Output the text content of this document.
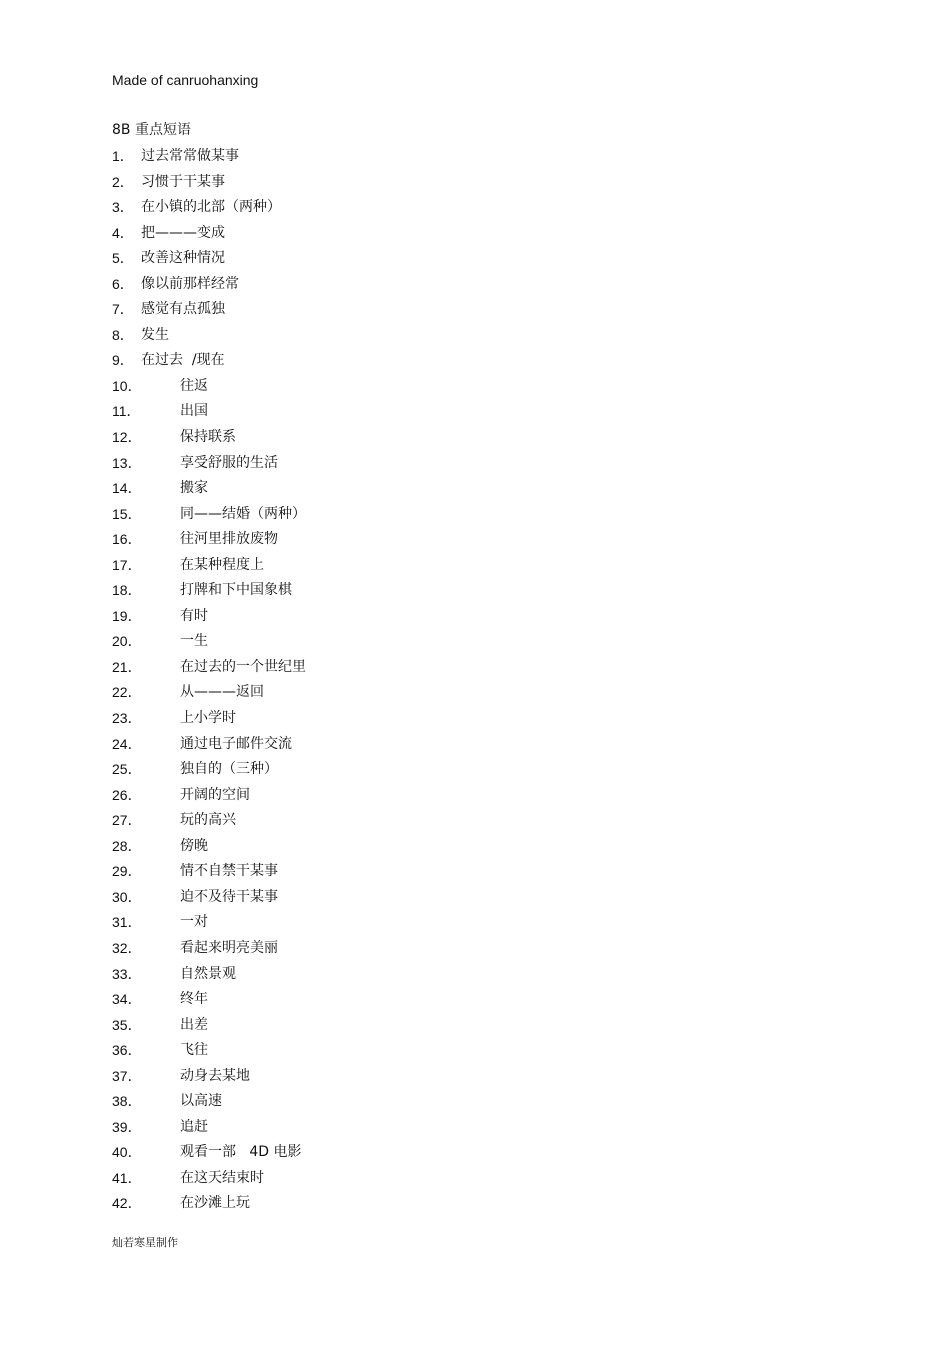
Made of canruohanxing
8B 重点短语
1． 过去常常做某事
2． 习惯于干某事
3． 在小镇的北部（两种）
4． 把———变成
5． 改善这种情况
6． 像以前那样经常
7． 感觉有点孤独
8． 发生
9． 在过去  /现在
10．	往返
11．	出国
12．	保持联系
13．	享受舒服的生活
14．	搬家
15．	同——结婚（两种）
16．	往河里排放废物
17．	在某种程度上
18．	打牌和下中国象棋
19．	有时
20．	一生
21．	在过去的一个世纪里
22．	从———返回
23．	上小学时
24．	通过电子邮件交流
25．	独自的（三种）
26．	开阔的空间
27．	玩的高兴
28．	傍晚
29．	情不自禁干某事
30．	迫不及待干某事
31．	一对
32．	看起来明亮美丽
33．	自然景观
34．	终年
35．	出差
36．	飞往
37．	动身去某地
38．	以高速
39．	追赶
40．	观看一部   4D 电影
41．	在这天结束时
42．	在沙滩上玩
灿若寒星制作
